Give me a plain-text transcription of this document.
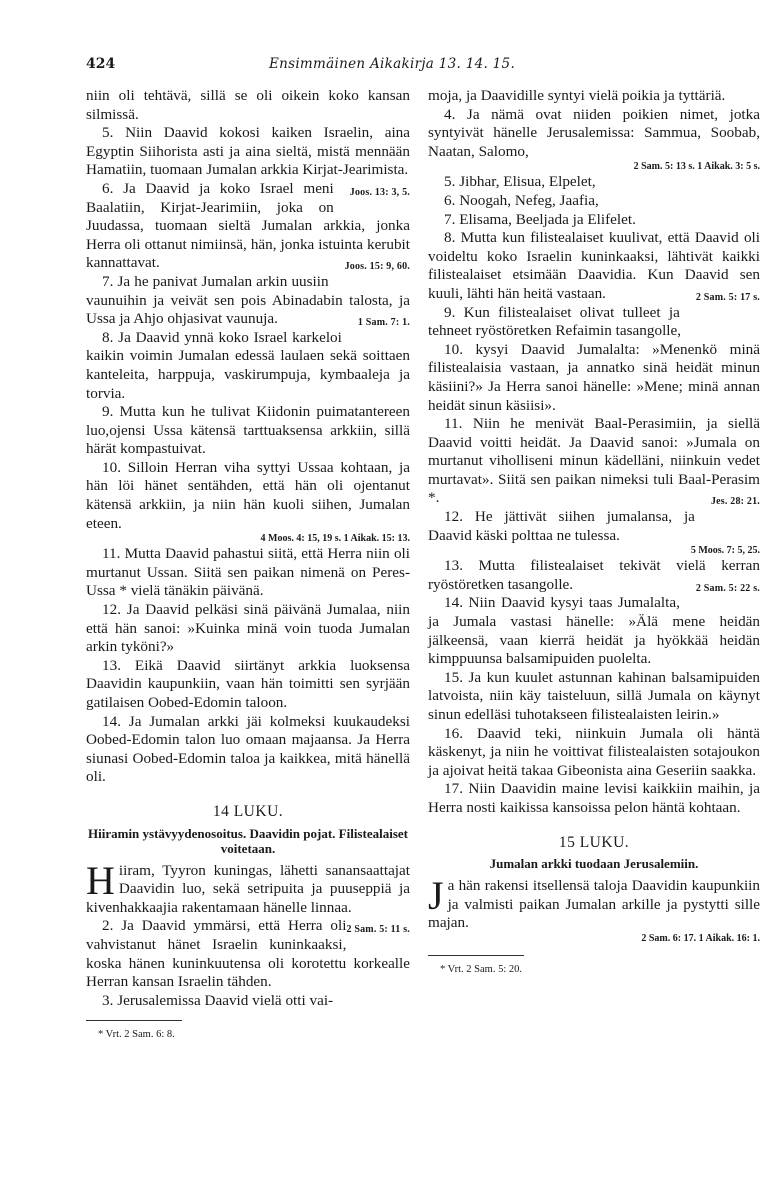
424	Ensimmäinen Aikakirja 13. 14. 15.

niin oli tehtävä, sillä se oli oikein koko kansan silmissä.

5. Niin Daavid kokosi kaiken Israelin, aina Egyptin Siihorista asti ja aina sieltä, mistä mennään Hamatiin, tuomaan Jumalan arkkia Kirjat-Jearimista.
Joos. 13: 3, 5.

6. Ja Daavid ja koko Israel meni Baalatiin, Kirjat-Jearimiin, joka on Juudassa, tuomaan sieltä Jumalan arkkia, jonka Herra oli ottanut nimiinsä, hän, jonka istuinta kerubit kannattavat.	Joos. 15: 9, 60.

7. Ja he panivat Jumalan arkin uusiin vaunuihin ja veivät sen pois Abinadabin talosta, ja Ussa ja Ahjo ohjasivat vaunuja.	1 Sam. 7: 1.

8. Ja Daavid ynnä koko Israel karkeloi kaikin voimin Jumalan edessä laulaen sekä soittaen kanteleita, harppuja, vaskirumpuja, kymbaaleja ja torvia.

9. Mutta kun he tulivat Kiidonin puimatantereen luo,ojensi Ussa kätensä tarttuaksensa arkkiin, sillä härät kompastuivat.

10. Silloin Herran viha syttyi Ussaa kohtaan, ja hän löi hänet sentähden, että hän oli ojentanut kätensä arkkiin, ja niin hän kuoli siihen, Jumalan eteen.

4 Moos. 4: 15, 19 s. 1 Aikak. 15: 13.

11. Mutta Daavid pahastui siitä, että Herra niin oli murtanut Ussan. Siitä sen paikan nimenä on Peres-Ussa * vielä tänäkin päivänä.

12. Ja Daavid pelkäsi sinä päivänä Jumalaa, niin että hän sanoi: »Kuinka minä voin tuoda Jumalan arkin tyköni?»

13. Eikä Daavid siirtänyt arkkia luoksensa Daavidin kaupunkiin, vaan hän toimitti sen syrjään gatilaisen Oobed-Edomin taloon.

14. Ja Jumalan arkki jäi kolmeksi kuukaudeksi Oobed-Edomin talon luo omaan majaansa. Ja Herra siunasi Oobed-Edomin taloa ja kaikkea, mitä hänellä oli.

14 LUKU.
Hiiramin ystävyydenosoitus. Daavidin pojat. Filistealaiset voitetaan.

Hiiram, Tyyron kuningas, lähetti sanansaattajat Daavidin luo, sekä setripuita ja puuseppiä ja kivenhakkaajia rakentamaan hänelle linnaa.
2 Sam. 5: 11 s.

2. Ja Daavid ymmärsi, että Herra oli vahvistanut hänet Israelin kuninkaaksi, koska hänen kuninkuutensa oli korotettu korkealle Herran kansan Israelin tähden.

3. Jerusalemissa Daavid vielä otti vai-

* Vrt. 2 Sam. 6: 8.

moja, ja Daavidille syntyi vielä poikia ja tyttäriä.

4. Ja nämä ovat niiden poikien nimet, jotka syntyivät hänelle Jerusalemissa: Sammua, Soobab, Naatan, Salomo,

2 Sam. 5: 13 s. 1 Aikak. 3: 5 s.

5. Jibhar, Elisua, Elpelet,

6. Noogah, Nefeg, Jaafia,

7. Elisama, Beeljada ja Elifelet.

8. Mutta kun filistealaiset kuulivat, että Daavid oli voideltu koko Israelin kuninkaaksi, lähtivät kaikki filistealaiset etsimään Daavidia. Kun Daavid sen kuuli, lähti hän heitä vastaan.	2 Sam. 5: 17 s.

9. Kun filistealaiset olivat tulleet ja tehneet ryöstöretken Refaimin tasangolle,

10. kysyi Daavid Jumalalta: »Menenkö minä filistealaisia vastaan, ja annatko sinä heidät minun käsiini?» Ja Herra sanoi hänelle: »Mene; minä annan heidät sinun käsiisi».

11. Niin he menivät Baal-Perasimiin, ja siellä Daavid voitti heidät. Ja Daavid sanoi: »Jumala on murtanut viholliseni minun kädelläni, niinkuin vedet murtavat». Siitä sen paikan nimeksi tuli Baal-Perasim *.	Jes. 28: 21.

12. He jättivät siihen jumalansa, ja Daavid käski polttaa ne tulessa.

5 Moos. 7: 5, 25.

13. Mutta filistealaiset tekivät vielä kerran ryöstöretken tasangolle.	2 Sam. 5: 22 s.

14. Niin Daavid kysyi taas Jumalalta, ja Jumala vastasi hänelle: »Älä mene heidän jälkeensä, vaan kierrä heidät ja hyökkää heidän kimppuunsa balsamipuiden puolelta.

15. Ja kun kuulet astunnan kahinan balsamipuiden latvoista, niin käy taisteluun, sillä Jumala on käynyt sinun edelläsi tuhotakseen filistealaisten leirin.»

16. Daavid teki, niinkuin Jumala oli häntä käskenyt, ja niin he voittivat filistealaisten sotajoukon ja ajoivat heitä takaa Gibeonista aina Geseriin saakka.

17. Niin Daavidin maine levisi kaikkiin maihin, ja Herra nosti kaikissa kansoissa pelon häntä kohtaan.

15 LUKU.
Jumalan arkki tuodaan Jerusalemiin.

Ja hän rakensi itsellensä taloja Daavidin kaupunkiin ja valmisti paikan Jumalan arkille ja pystytti sille majan.

2 Sam. 6: 17. 1 Aikak. 16: 1.

* Vrt. 2 Sam. 5: 20.
